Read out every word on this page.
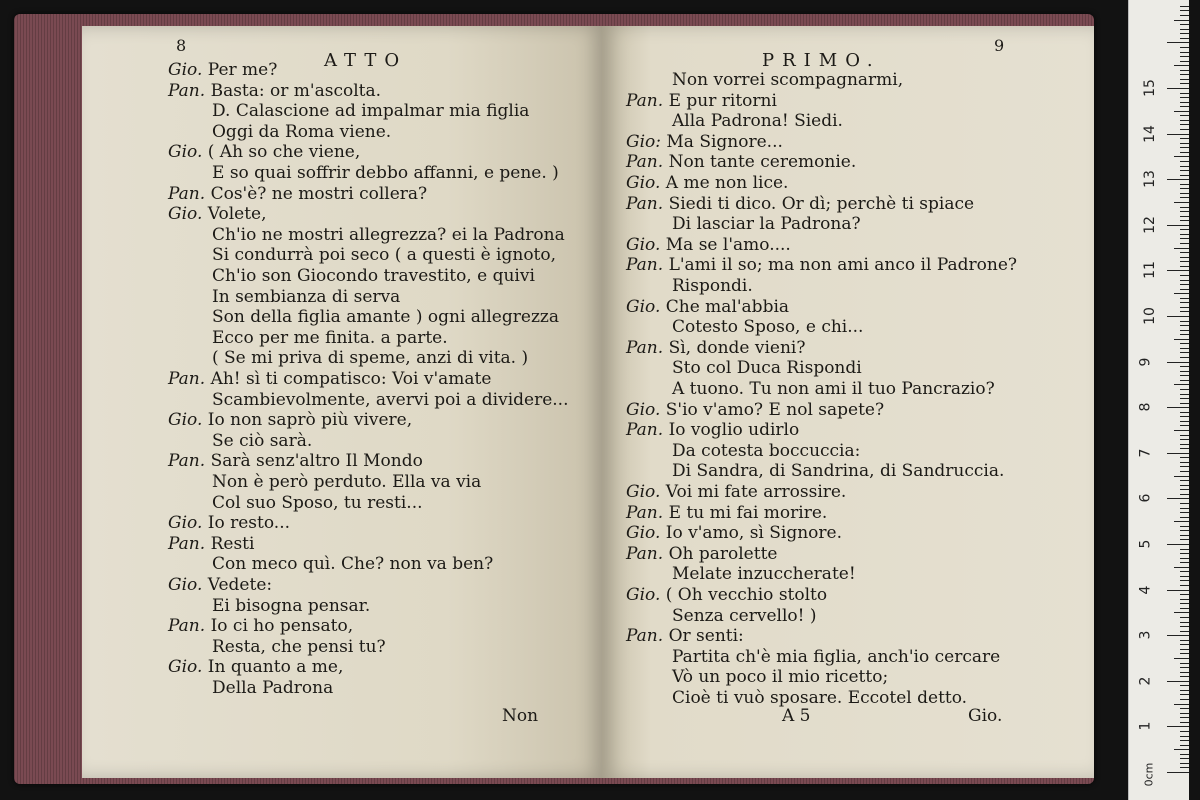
8
ATTO
Gio. Per me?
Pan. Basta: or m'ascolta.
D. Calascione ad impalmar mia figlia
Oggi da Roma viene.
Gio. ( Ah so che viene,
E so quai soffrir debbo affanni, e pene. )
Pan. Cos'è? ne mostri collera?
Gio. Volete,
Ch'io ne mostri allegrezza? ei la Padrona
Si condurrà poi seco ( a questi è ignoto,
Ch'io son Giocondo travestito, e quivi
In sembianza di serva
Son della figlia amante ) ogni allegrezza
Ecco per me finita. a parte.
( Se mi priva di speme, anzi di vita. )
Pan. Ah! sì ti compatisco: Voi v'amate
Scambievolmente, avervi poi a dividere...
Gio. Io non saprò più vivere,
Se ciò sarà.
Pan. Sarà senz'altro Il Mondo
Non è però perduto. Ella va via
Col suo Sposo, tu resti...
Gio. Io resto...
Pan. Resti
Con meco quì. Che? non va ben?
Gio. Vedete:
Ei bisogna pensar.
Pan. Io ci ho pensato,
Resta, che pensi tu?
Gio. In quanto a me,
Della Padrona
Non
9
PRIMO.
Non vorrei scompagnarmi,
Pan. E pur ritorni
Alla Padrona! Siedi.
Gio: Ma Signore...
Pan. Non tante ceremonie.
Gio. A me non lice.
Pan. Siedi ti dico. Or dì; perchè ti spiace
Di lasciar la Padrona?
Gio. Ma se l'amo....
Pan. L'ami il so; ma non ami anco il Padrone?
Rispondi.
Gio. Che mal'abbia
Cotesto Sposo, e chi...
Pan. Sì, donde vieni?
Sto col Duca Rispondi
A tuono. Tu non ami il tuo Pancrazio?
Gio. S'io v'amo? E nol sapete?
Pan. Io voglio udirlo
Da cotesta boccuccia:
Di Sandra, di Sandrina, di Sandruccia.
Gio. Voi mi fate arrossire.
Pan. E tu mi fai morire.
Gio. Io v'amo, sì Signore.
Pan. Oh parolette
Melate inzuccherate!
Gio. ( Oh vecchio stolto
Senza cervello! )
Pan. Or senti:
Partita ch'è mia figlia, anch'io cercare
Vò un poco il mio ricetto;
Cioè ti vuò sposare. Eccotel detto.
A 5	Gio.
0cm
1
2
3
4
5
6
7
8
9
10
11
12
13
14
15
